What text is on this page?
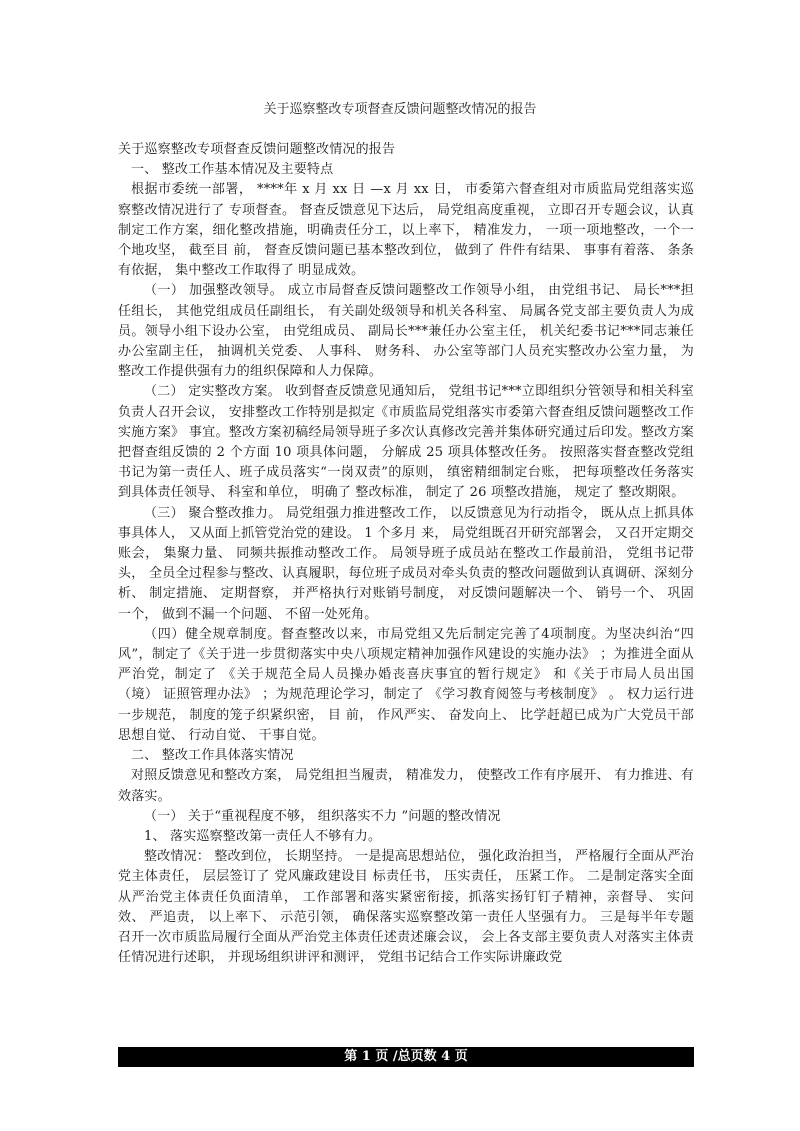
关于巡察整改专项督查反馈问题整改情况的报告

关于巡察整改专项督查反馈问题整改情况的报告

一、 整改工作基本情况及主要特点

根据市委统一部署， ****年 x 月 xx 日 —x 月 xx 日， 市委第六督查组对市质监局党组落实巡察整改情况进行了 专项督查。 督查反馈意见下达后， 局党组高度重视， 立即召开专题会议，认真制定工作方案，细化整改措施，明确责任分工，以上率下， 精准发力， 一项一项地整改，一个一个地攻坚， 截至目 前， 督查反馈问题已基本整改到位， 做到了 件件有结果、 事事有着落、 条条有依据， 集中整改工作取得了 明显成效。

（一） 加强整改领导。 成立市局督查反馈问题整改工作领导小组， 由党组书记、 局长***担任组长， 其他党组成员任副组长， 有关副处级领导和机关各科室、 局属各党支部主要负责人为成员。领导小组下设办公室， 由党组成员、 副局长***兼任办公室主任， 机关纪委书记***同志兼任办公室副主任， 抽调机关党委、 人事科、 财务科、 办公室等部门人员充实整改办公室力量， 为整改工作提供强有力的组织保障和人力保障。

（二） 定实整改方案。 收到督查反馈意见通知后， 党组书记***立即组织分管领导和相关科室负责人召开会议， 安排整改工作特别是拟定《市质监局党组落实市委第六督查组反馈问题整改工作实施方案》 事宜。整改方案初稿经局领导班子多次认真修改完善并集体研究通过后印发。整改方案把督查组反馈的 2 个方面 10 项具体问题， 分解成 25 项具体整改任务。 按照落实督查整改党组书记为第一责任人、班子成员落实“一岗双责”的原则， 缜密精细制定台账， 把每项整改任务落实到具体责任领导、 科室和单位， 明确了 整改标准， 制定了 26 项整改措施， 规定了 整改期限。

（三） 聚合整改推力。 局党组强力推进整改工作， 以反馈意见为行动指令， 既从点上抓具体事具体人， 又从面上抓管党治党的建设。 1 个多月 来， 局党组既召开研究部署会， 又召开定期交账会， 集聚力量、 同频共振推动整改工作。 局领导班子成员站在整改工作最前沿， 党组书记带头， 全员全过程参与整改、认真履职，每位班子成员对牵头负责的整改问题做到认真调研、深刻分析、 制定措施、 定期督察， 并严格执行对账销号制度， 对反馈问题解决一个、 销号一个、 巩固一个， 做到不漏一个问题、 不留一处死角。

（四）健全规章制度。督查整改以来，市局党组又先后制定完善了4项制度。为坚决纠治“四风”，制定了《关于进一步贯彻落实中央八项规定精神加强作风建设的实施办法》 ；为推进全面从严治党，制定了 《关于规范全局人员操办婚丧喜庆事宜的暂行规定》 和《关于市局人员出国（境） 证照管理办法》 ；为规范理论学习，制定了 《学习教育阅签与考核制度》 。 权力运行进一步规范， 制度的笼子织紧织密， 目 前， 作风严实、 奋发向上、 比学赶超已成为广大党员干部思想自觉、 行动自觉、 干事自觉。

二、 整改工作具体落实情况

对照反馈意见和整改方案， 局党组担当履责， 精准发力， 使整改工作有序展开、 有力推进、有效落实。

（一） 关于“重视程度不够， 组织落实不力 ”问题的整改情况

1、 落实巡察整改第一责任人不够有力。

整改情况： 整改到位， 长期坚持。 一是提高思想站位， 强化政治担当， 严格履行全面从严治党主体责任， 层层签订了 党风廉政建设目 标责任书， 压实责任， 压紧工作。 二是制定落实全面从严治党主体责任负面清单， 工作部署和落实紧密衔接，抓落实扬钉钉子精神，亲督导、 实问效、 严追责， 以上率下、 示范引领， 确保落实巡察整改第一责任人坚强有力。 三是每半年专题召开一次市质监局履行全面从严治党主体责任述责述廉会议， 会上各支部主要负责人对落实主体责任情况进行述职， 并现场组织讲评和测评， 党组书记结合工作实际讲廉政党

第 1 页 /总页数 4 页
